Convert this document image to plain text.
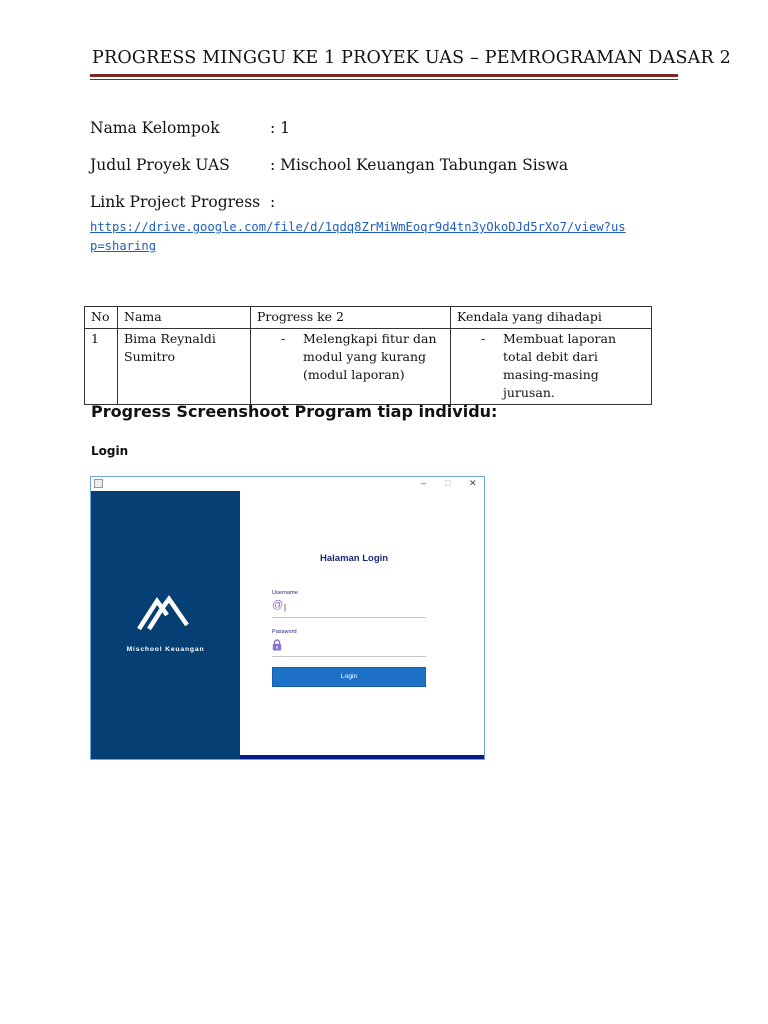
PROGRESS MINGGU KE 1 PROYEK UAS – PEMROGRAMAN DASAR 2
Nama Kelompok	: 1
Judul Proyek UAS	: Mischool Keuangan Tabungan Siswa
Link Project Progress :
https://drive.google.com/file/d/1qdq8ZrMiWmEoqr9d4tn3yOkoDJd5rXo7/view?usp=sharing
No	Nama	Progress ke 2	Kendala yang dihadapi
1	Bima Reynaldi Sumitro	- Melengkapi fitur dan modul yang kurang (modul laporan)	- Membuat laporan total debit dari masing-masing jurusan.
Progress Screenshoot Program tiap individu:
Login
– □ ✕
Mischool Keuangan
Halaman Login
Username
@
|
Password
Login
